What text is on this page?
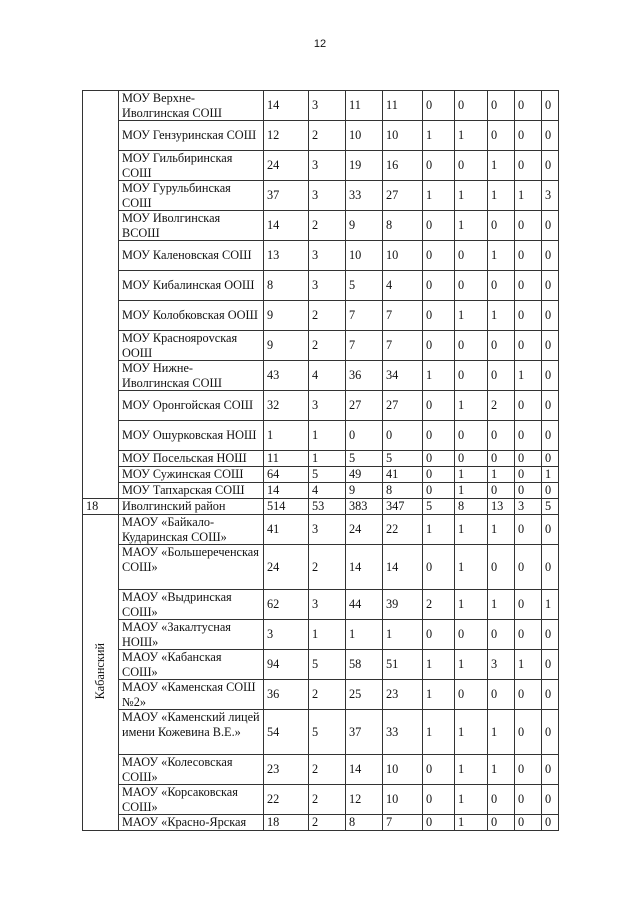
12
	МОУ Верхне-Иволгинская СОШ	14	3	11	11	0	0	0	0	0
	МОУ Гензуринская СОШ	12	2	10	10	1	1	0	0	0
	МОУ Гильбиринская СОШ	24	3	19	16	0	0	1	0	0
	МОУ Гурульбинская СОШ	37	3	33	27	1	1	1	1	3
	МОУ Иволгинская ВСОШ	14	2	9	8	0	1	0	0	0
	МОУ Каленовская СОШ	13	3	10	10	0	0	1	0	0
	МОУ Кибалинская ООШ	8	3	5	4	0	0	0	0	0
	МОУ Колобковская ООШ	9	2	7	7	0	1	1	0	0
	МОУ Красноярovская ООШ	9	2	7	7	0	0	0	0	0
	МОУ Нижне-Иволгинская СОШ	43	4	36	34	1	0	0	1	0
	МОУ Оронгойская СОШ	32	3	27	27	0	1	2	0	0
	МОУ Ошурковская НОШ	1	1	0	0	0	0	0	0	0
	МОУ Посельская НОШ	11	1	5	5	0	0	0	0	0
	МОУ Сужинская СОШ	64	5	49	41	0	1	1	0	1
	МОУ Тапхарская СОШ	14	4	9	8	0	1	0	0	0
18	Иволгинский район	514	53	383	347	5	8	13	3	5
Кабанский	МАОУ «Байкало-Кударинская СОШ»	41	3	24	22	1	1	1	0	0
	МАОУ «Большереченская СОШ»	24	2	14	14	0	1	0	0	0
	МАОУ «Выдринская СОШ»	62	3	44	39	2	1	1	0	1
	МАОУ «Закалтусная НОШ»	3	1	1	1	0	0	0	0	0
	МАОУ «Кабанская СОШ»	94	5	58	51	1	1	3	1	0
	МАОУ «Каменская СОШ №2»	36	2	25	23	1	0	0	0	0
	МАОУ «Каменский лицей имени Кожевина В.Е.»	54	5	37	33	1	1	1	0	0
	МАОУ «Колесовская СОШ»	23	2	14	10	0	1	1	0	0
	МАОУ «Корсаковская СОШ»	22	2	12	10	0	1	0	0	0
	МАОУ «Красно-Ярская	18	2	8	7	0	1	0	0	0
